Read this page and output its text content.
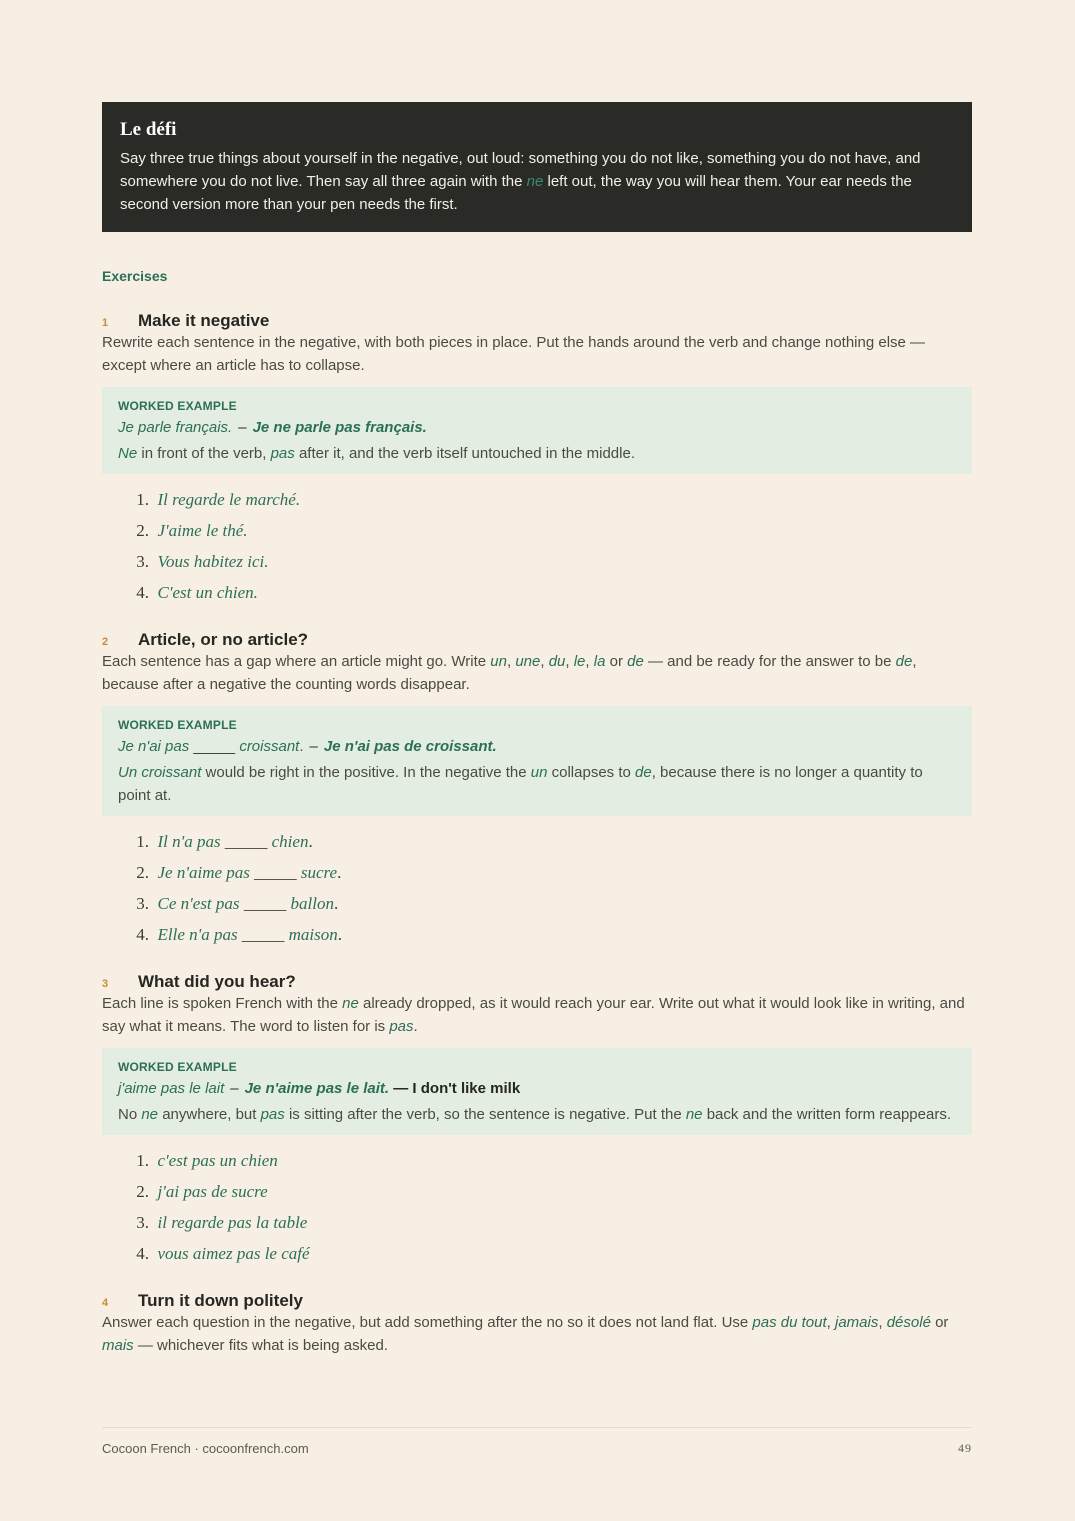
Le défi

Say three true things about yourself in the negative, out loud: something you do not like, something you do not have, and somewhere you do not live. Then say all three again with the ne left out, the way you will hear them. Your ear needs the second version more than your pen needs the first.

Exercises
1	Make it negative

Rewrite each sentence in the negative, with both pieces in place. Put the hands around the verb and change nothing else — except where an article has to collapse.

WORKED EXAMPLE
Je parle français. – Je ne parle pas français.
Ne in front of the verb, pas after it, and the verb itself untouched in the middle.
1.
Il regarde le marché.
2.
J'aime le thé.
3.
Vous habitez ici.
4.
C'est un chien.
2	Article, or no article?

Each sentence has a gap where an article might go. Write un, une, du, le, la or de — and be ready for the answer to be de, because after a negative the counting words disappear.

WORKED EXAMPLE
Je n'ai pas _____ croissant. – Je n'ai pas de croissant.
Un croissant would be right in the positive. In the negative the un collapses to de, because there is no longer a quantity to point at.
1.
Il n'a pas _____ chien.
2.
Je n'aime pas _____ sucre.
3.
Ce n'est pas _____ ballon.
4.
Elle n'a pas _____ maison.
3	What did you hear?

Each line is spoken French with the ne already dropped, as it would reach your ear. Write out what it would look like in writing, and say what it means. The word to listen for is pas.

WORKED EXAMPLE
j'aime pas le lait – Je n'aime pas le lait. — I don't like milk
No ne anywhere, but pas is sitting after the verb, so the sentence is negative. Put the ne back and the written form reappears.
1.
c'est pas un chien
2.
j'ai pas de sucre
3.
il regarde pas la table
4.
vous aimez pas le café
4	Turn it down politely

Answer each question in the negative, but add something after the no so it does not land flat. Use pas du tout, jamais, désolé or mais — whichever fits what is being asked.

Cocoon French · cocoonfrench.com	49
